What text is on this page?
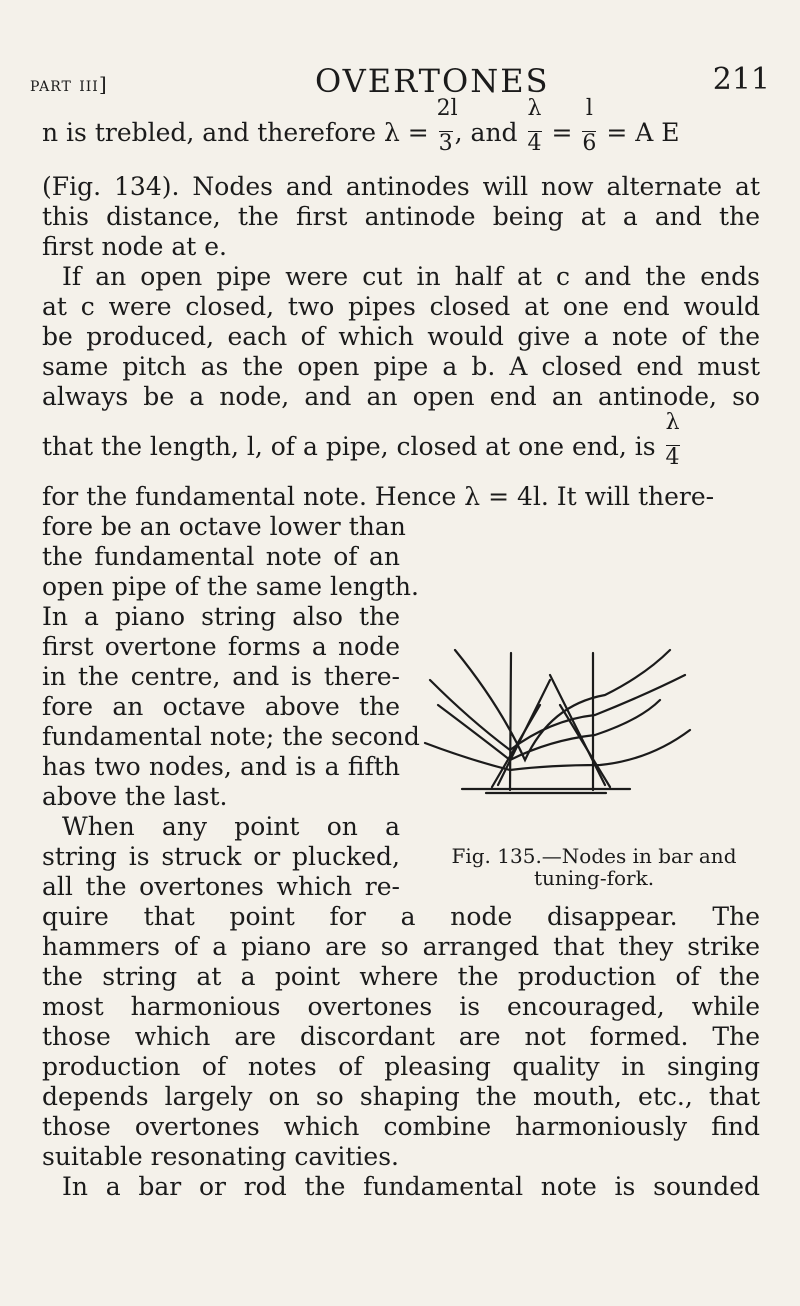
part iii]	OVERTONES	211
n is trebled, and therefore $\lambda = \frac{2l}{3}$ , and $\frac{\lambda}{4} = \frac{l}{6} = A$ E
(Fig. 134). Nodes and antinodes will now alternate at
this distance, the first antinode being at a and the
first node at e.
If an open pipe were cut in half at c and the ends
at c were closed, two pipes closed at one end would
be produced, each of which would give a note of the
same pitch as the open pipe a b. A closed end must
always be a node, and an open end an antinode, so
that the length, l, of a pipe, closed at one end, is $\frac{\lambda}{4}$
for the fundamental note. Hence λ = 4l. It will there-
fore be an octave lower than
the fundamental note of an
open pipe of the same length.
In a piano string also the
first overtone forms a node
in the centre, and is there-
fore an octave above the
fundamental note; the second
has two nodes, and is a fifth
above the last.
When any point on a
string is struck or plucked,
all the overtones which re-
quire that point for a node disappear. The
hammers of a piano are so arranged that they strike
the string at a point where the production of the
most harmonious overtones is encouraged, while
those which are discordant are not formed. The
production of notes of pleasing quality in singing
depends largely on so shaping the mouth, etc., that
those overtones which combine harmoniously find
suitable resonating cavities.
In a bar or rod the fundamental note is sounded
Fig. 135.—Nodes in bar and tuning-fork.
